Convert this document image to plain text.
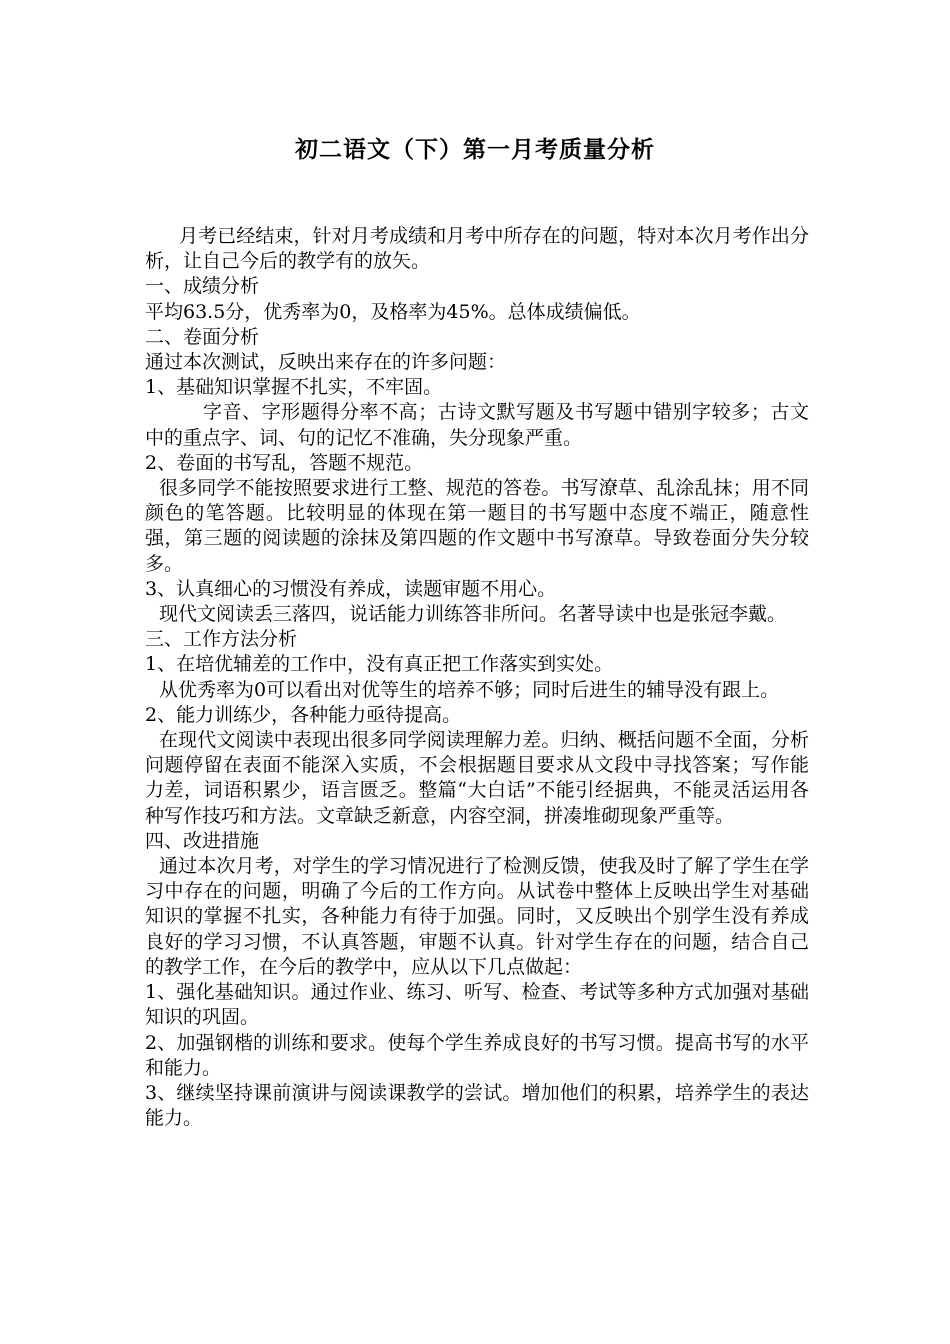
初二语文（下）第一月考质量分析

月考已经结束，针对月考成绩和月考中所存在的问题，特对本次月考作出分析，让自己今后的教学有的放矢。

一、成绩分析

平均63.5分，优秀率为0，及格率为45%。总体成绩偏低。

二、卷面分析

通过本次测试，反映出来存在的许多问题：

1、基础知识掌握不扎实，不牢固。

字音、字形题得分率不高；古诗文默写题及书写题中错别字较多；古文中的重点字、词、句的记忆不准确，失分现象严重。

2、卷面的书写乱，答题不规范。

很多同学不能按照要求进行工整、规范的答卷。书写潦草、乱涂乱抹；用不同颜色的笔答题。比较明显的体现在第一题目的书写题中态度不端正，随意性强，第三题的阅读题的涂抹及第四题的作文题中书写潦草。导致卷面分失分较多。

3、认真细心的习惯没有养成，读题审题不用心。

现代文阅读丢三落四，说话能力训练答非所问。名著导读中也是张冠李戴。

三、工作方法分析

1、在培优辅差的工作中，没有真正把工作落实到实处。

从优秀率为0可以看出对优等生的培养不够；同时后进生的辅导没有跟上。

2、能力训练少，各种能力亟待提高。

在现代文阅读中表现出很多同学阅读理解力差。归纳、概括问题不全面，分析问题停留在表面不能深入实质，不会根据题目要求从文段中寻找答案；写作能力差，词语积累少，语言匮乏。整篇“大白话”不能引经据典，不能灵活运用各种写作技巧和方法。文章缺乏新意，内容空洞，拼凑堆砌现象严重等。

四、改进措施

通过本次月考，对学生的学习情况进行了检测反馈，使我及时了解了学生在学习中存在的问题，明确了今后的工作方向。从试卷中整体上反映出学生对基础知识的掌握不扎实，各种能力有待于加强。同时，又反映出个别学生没有养成良好的学习习惯，不认真答题，审题不认真。针对学生存在的问题，结合自己的教学工作，在今后的教学中，应从以下几点做起：

1、强化基础知识。通过作业、练习、听写、检查、考试等多种方式加强对基础知识的巩固。

2、加强钢楷的训练和要求。使每个学生养成良好的书写习惯。提高书写的水平和能力。

3、继续坚持课前演讲与阅读课教学的尝试。增加他们的积累，培养学生的表达能力。
